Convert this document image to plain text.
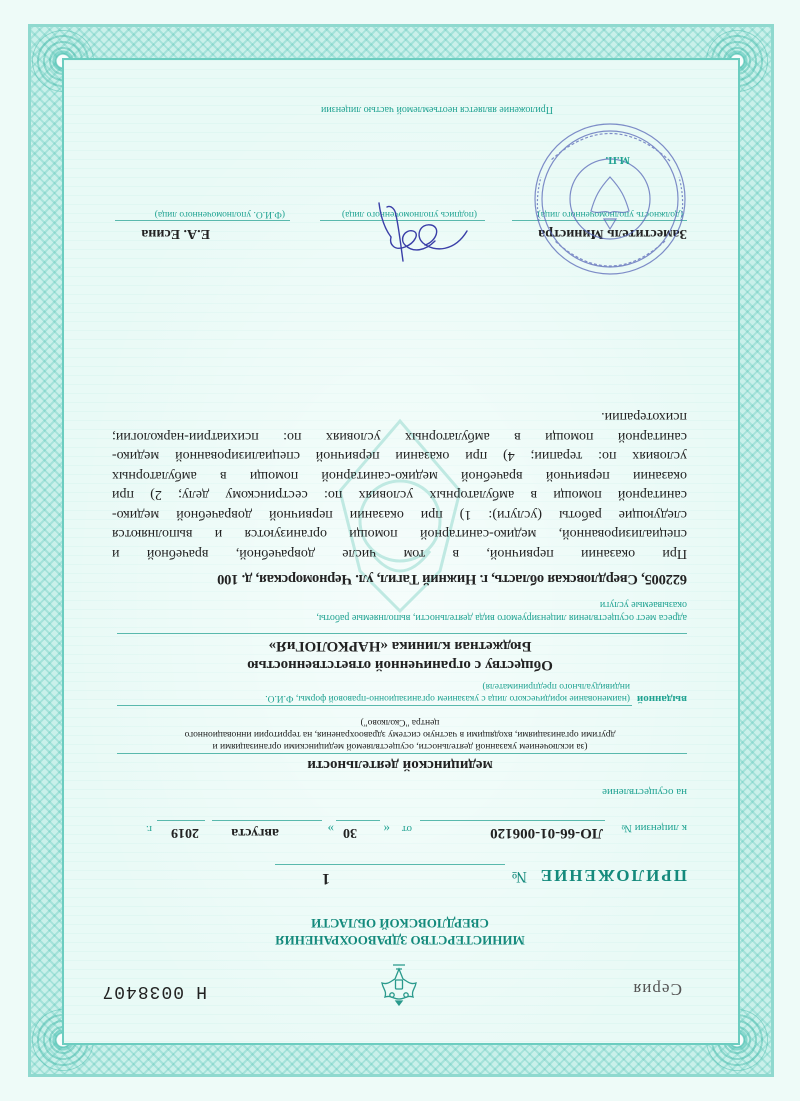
Серия
Н
0038407
МИНИСТЕРСТВО ЗДРАВООХРАНЕНИЯ
СВЕРДЛОВСКОЙ ОБЛАСТИ
ПРИЛОЖЕНИЕ
№
1
к лицензии №
ЛО-66-01-006120
от
«
30
»
августа
2019
г.
на осуществление
медицинской деятельности
(за исключением указанной деятельности, осуществляемой медицинскими организациями и
другими организациями, входящими в частную систему здравоохранения, на территории инновационного
центра "Сколково")
выданной
(наименование юридического лица с указанием организационно-правовой формы, Ф.И.О.
индивидуального предпринимателя)
Обществу с ограниченной ответственностью
Бюджетная клиника «НАРКОЛОГиЯ»
адреса мест осуществления лицензируемого вида деятельности, выполняемые работы,
оказываемые услуги
622005, Свердловская область, г. Нижний Тагил, ул. Черноморская, д. 100
При оказании первичной, в том числе доврачебной, врачебной и
специализированной, медико-санитарной помощи организуются и выполняются
следующие работы (услуги): 1) при оказании первичной доврачебной медико-
санитарной помощи в амбулаторных условиях по: сестринскому делу; 2) при
оказании первичной врачебной медико-санитарной помощи в амбулаторных
условиях по: терапии; 4) при оказании первичной специализированной медико-
санитарной помощи в амбулаторных условиях по: психиатрии-наркологии;
психотерапии.
Заместитель Министра
(должность уполномоченного лица)
(подпись уполномоченного лица)
Е.А. Есина
(Ф.И.О. уполномоченного лица)
М.П.
Приложение является неотъемлемой частью лицензии
